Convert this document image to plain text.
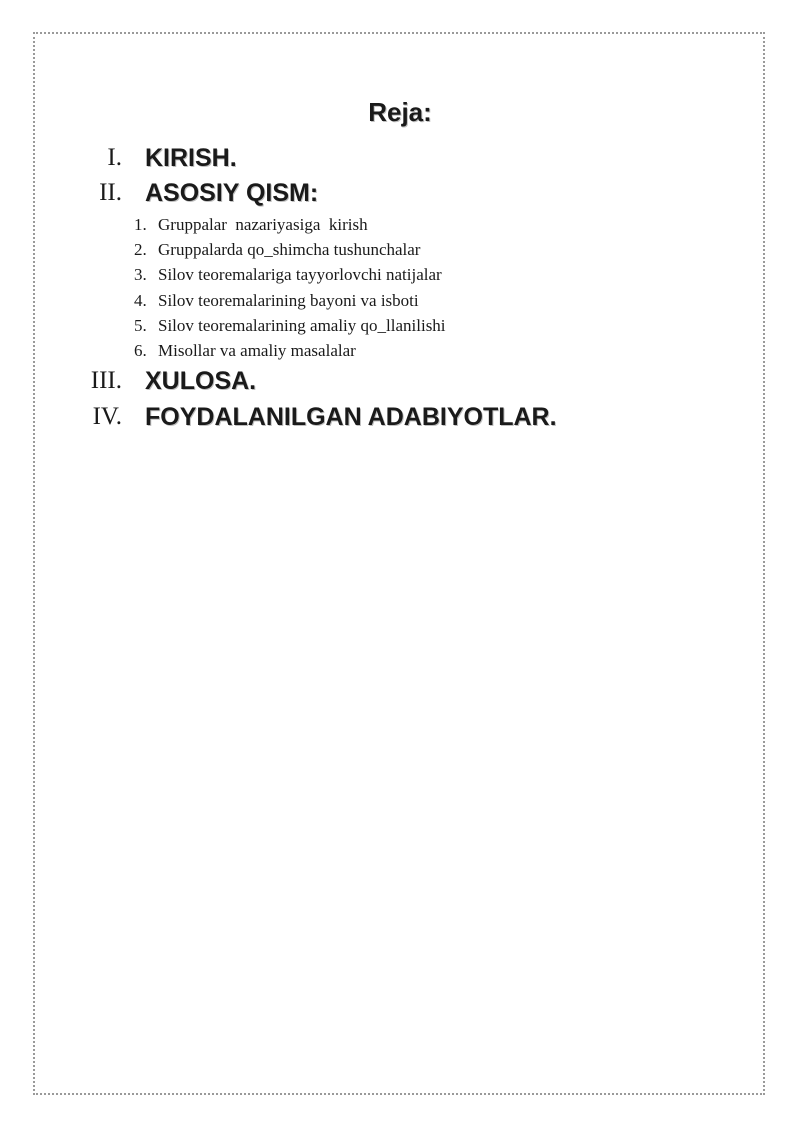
Reja:
I. KIRISH.
II. ASOSIY QISM:
1. Gruppalar  nazariyasiga  kirish
2. Gruppalarda qo_shimcha tushunchalar
3. Silov teoremalariga tayyorlovchi natijalar
4. Silov teoremalarining bayoni va isboti
5. Silov teoremalarining amaliy qo_llanilishi
6. Misollar va amaliy masalalar
III. XULOSA.
IV. FOYDALANILGAN ADABIYOTLAR.
